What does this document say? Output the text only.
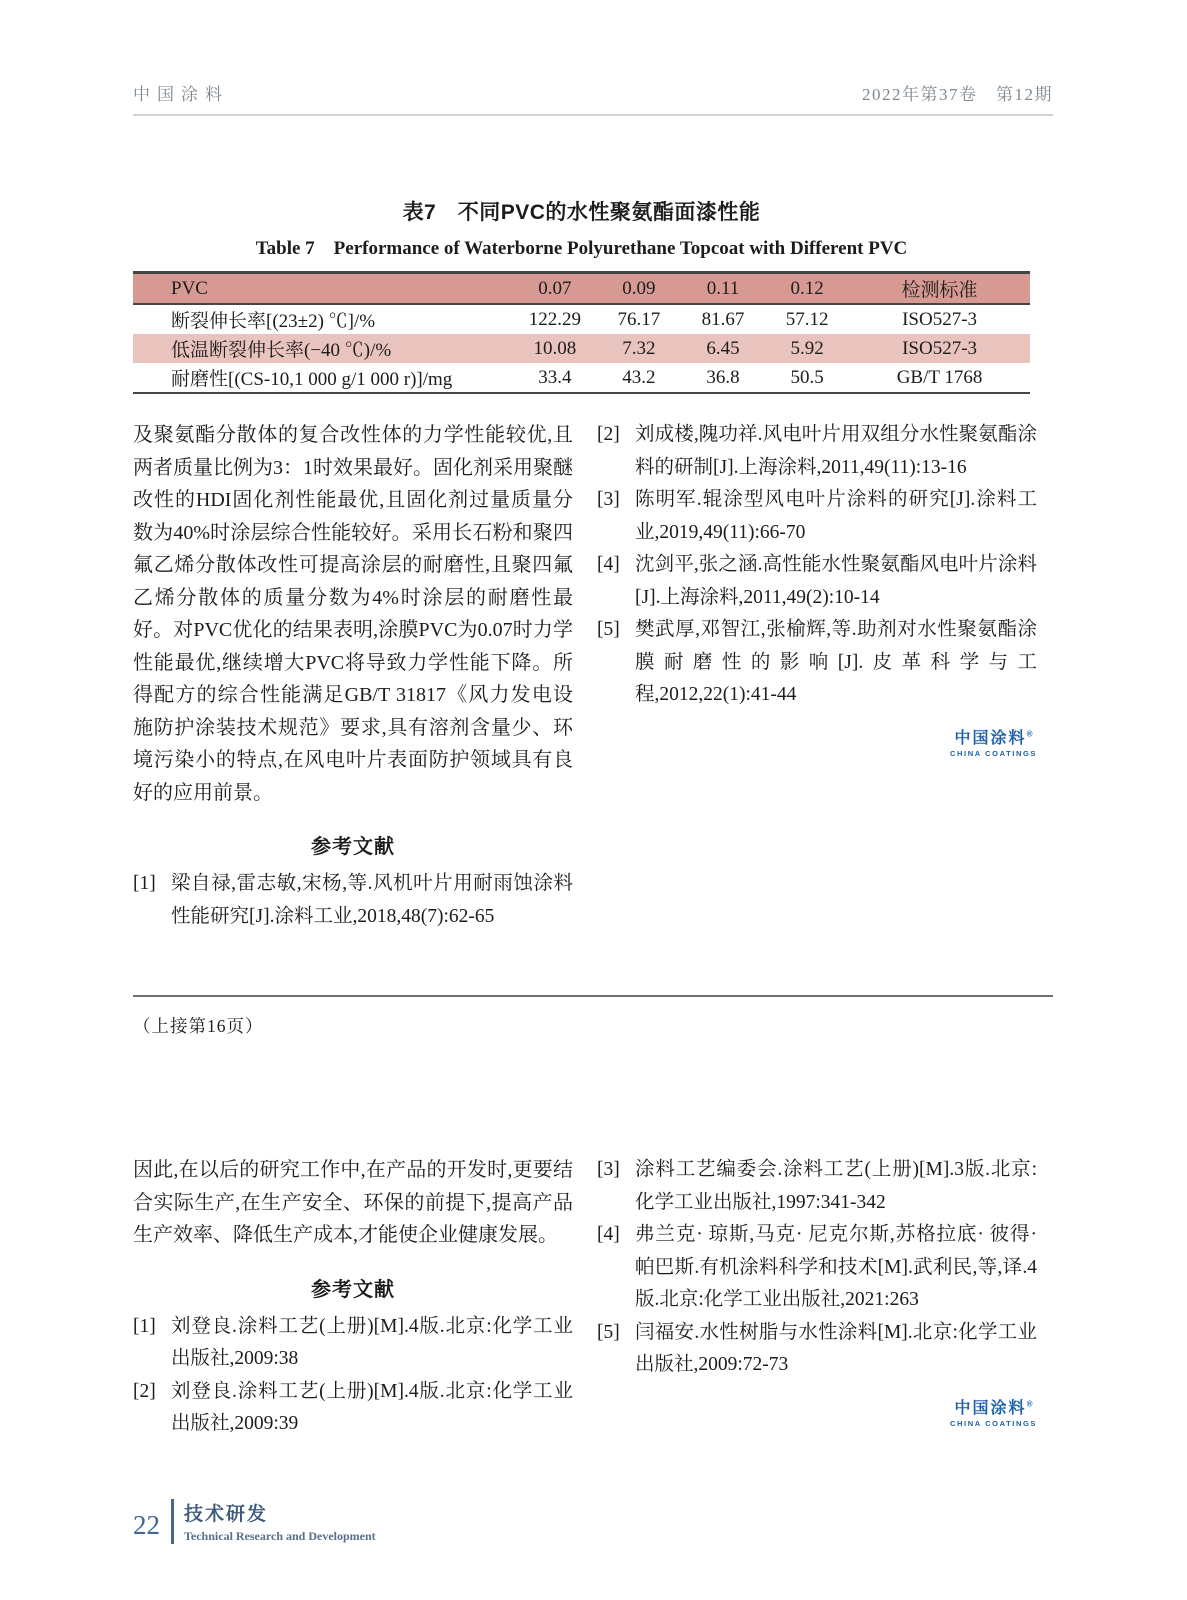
中国涂料	2022年第37卷　第12期
表7　不同PVC的水性聚氨酯面漆性能
Table 7　Performance of Waterborne Polyurethane Topcoat with Different PVC
PVC	0.07	0.09	0.11	0.12	检测标准
断裂伸长率[(23±2) ℃]/%	122.29	76.17	81.67	57.12	ISO527-3
低温断裂伸长率(−40 ℃)/%	10.08	7.32	6.45	5.92	ISO527-3
耐磨性[(CS-10,1 000 g/1 000 r)]/mg	33.4	43.2	36.8	50.5	GB/T 1768

及聚氨酯分散体的复合改性体的力学性能较优,且两者质量比例为3：1时效果最好。固化剂采用聚醚改性的HDI固化剂性能最优,且固化剂过量质量分数为40%时涂层综合性能较好。采用长石粉和聚四氟乙烯分散体改性可提高涂层的耐磨性,且聚四氟乙烯分散体的质量分数为4%时涂层的耐磨性最好。对PVC优化的结果表明,涂膜PVC为0.07时力学性能最优,继续增大PVC将导致力学性能下降。所得配方的综合性能满足GB/T 31817《风力发电设施防护涂装技术规范》要求,具有溶剂含量少、环境污染小的特点,在风电叶片表面防护领域具有良好的应用前景。

参考文献
[1] 梁自禄,雷志敏,宋杨,等.风机叶片用耐雨蚀涂料性能研究[J].涂料工业,2018,48(7):62-65
[2] 刘成楼,隗功祥.风电叶片用双组分水性聚氨酯涂料的研制[J].上海涂料,2011,49(11):13-16
[3] 陈明军.辊涂型风电叶片涂料的研究[J].涂料工业,2019,49(11):66-70
[4] 沈剑平,张之涵.高性能水性聚氨酯风电叶片涂料[J].上海涂料,2011,49(2):10-14
[5] 樊武厚,邓智江,张榆辉,等.助剂对水性聚氨酯涂膜耐磨性的影响[J].皮革科学与工程,2012,22(1):41-44
中国涂料®
CHINA COATINGS
（上接第16页）

因此,在以后的研究工作中,在产品的开发时,更要结合实际生产,在生产安全、环保的前提下,提高产品生产效率、降低生产成本,才能使企业健康发展。

参考文献
[1] 刘登良.涂料工艺(上册)[M].4版.北京:化学工业出版社,2009:38
[2] 刘登良.涂料工艺(上册)[M].4版.北京:化学工业出版社,2009:39
[3] 涂料工艺编委会.涂料工艺(上册)[M].3版.北京:化学工业出版社,1997:341-342
[4] 弗兰克· 琼斯,马克· 尼克尔斯,苏格拉底· 彼得· 帕巴斯.有机涂料科学和技术[M].武利民,等,译.4版.北京:化学工业出版社,2021:263
[5] 闫福安.水性树脂与水性涂料[M].北京:化学工业出版社,2009:72-73
中国涂料®
CHINA COATINGS
22 技术研发
Technical Research and Development
